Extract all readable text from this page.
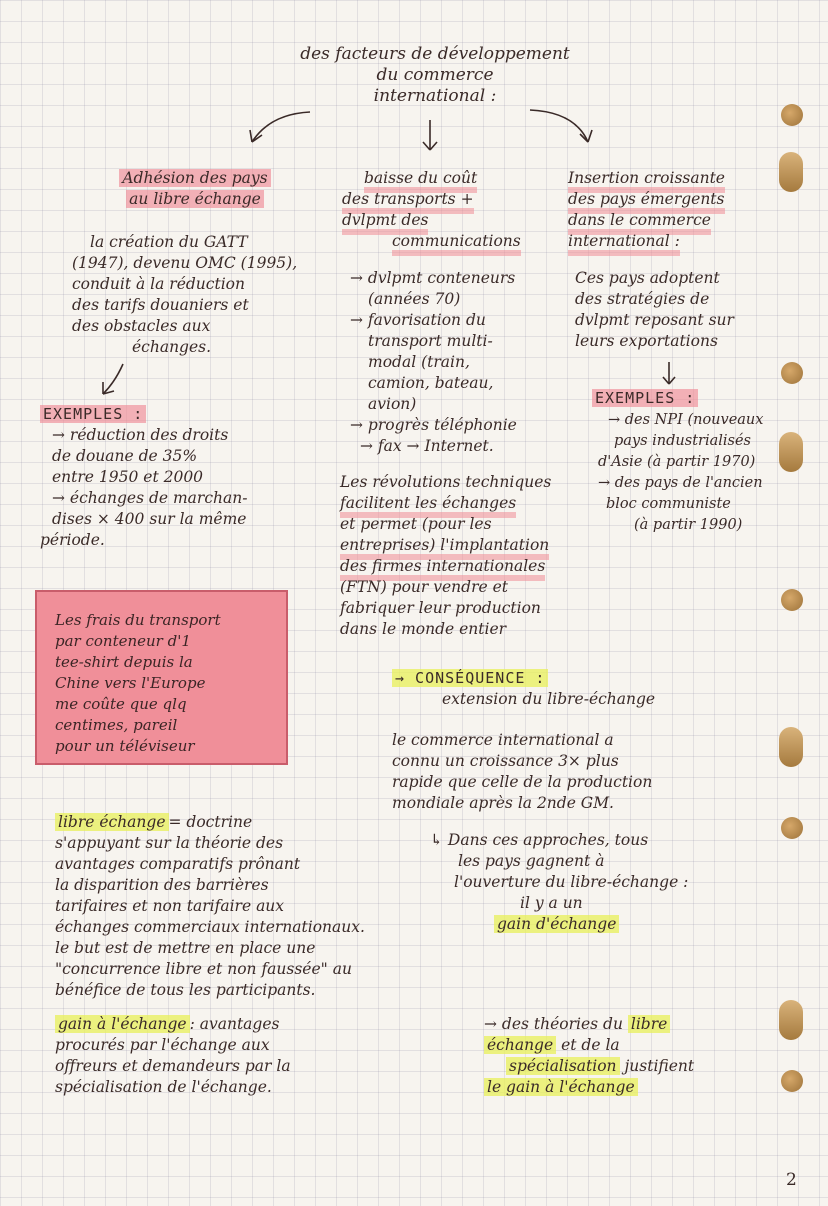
des facteurs de développement
du commerce
international :
Adhésion des pays
au libre échange
la création du GATT
(1947), devenu OMC (1995),
conduit à la réduction
des tarifs douaniers et
des obstacles aux
échanges.
EXEMPLES :
→ réduction des droits
de douane de 35%
entre 1950 et 2000
→ échanges de marchan-
dises × 400 sur la même
période.
baisse du coût
des transports +
dvlpmt des
communications
→ dvlpmt conteneurs
(années 70)
→ favorisation du
transport multi-
modal (train,
camion, bateau,
avion)
→ progrès téléphonie
→ fax → Internet.
Les révolutions techniques
facilitent les échanges
et permet (pour les
entreprises) l'implantation
des firmes internationales
(FTN) pour vendre et
fabriquer leur production
dans le monde entier
Insertion croissante
des pays émergents
dans le commerce
international :
Ces pays adoptent
des stratégies de
dvlpmt reposant sur
leurs exportations
EXEMPLES :
→ des NPI (nouveaux
pays industrialisés
d'Asie (à partir 1970)
→ des pays de l'ancien
bloc communiste
(à partir 1990)
Les frais du transport
par conteneur d'1
tee-shirt depuis la
Chine vers l'Europe
me coûte que qlq
centimes, pareil
pour un téléviseur
→ CONSÉQUENCE :
extension du libre-échange
le commerce international a
connu un croissance 3× plus
rapide que celle de la production
mondiale après la 2nde GM.
libre échange = doctrine
s'appuyant sur la théorie des
avantages comparatifs prônant
la disparition des barrières
tarifaires et non tarifaire aux
échanges commerciaux internationaux.
le but est de mettre en place une
"concurrence libre et non faussée" au
bénéfice de tous les participants.
↳ Dans ces approches, tous
les pays gagnent à
l'ouverture du libre-échange :
il y a un
gain d'échange
gain à l'échange : avantages
procurés par l'échange aux
offreurs et demandeurs par la
spécialisation de l'échange.
→ des théories du libre
échange et de la
spécialisation justifient
le gain à l'échange
2
